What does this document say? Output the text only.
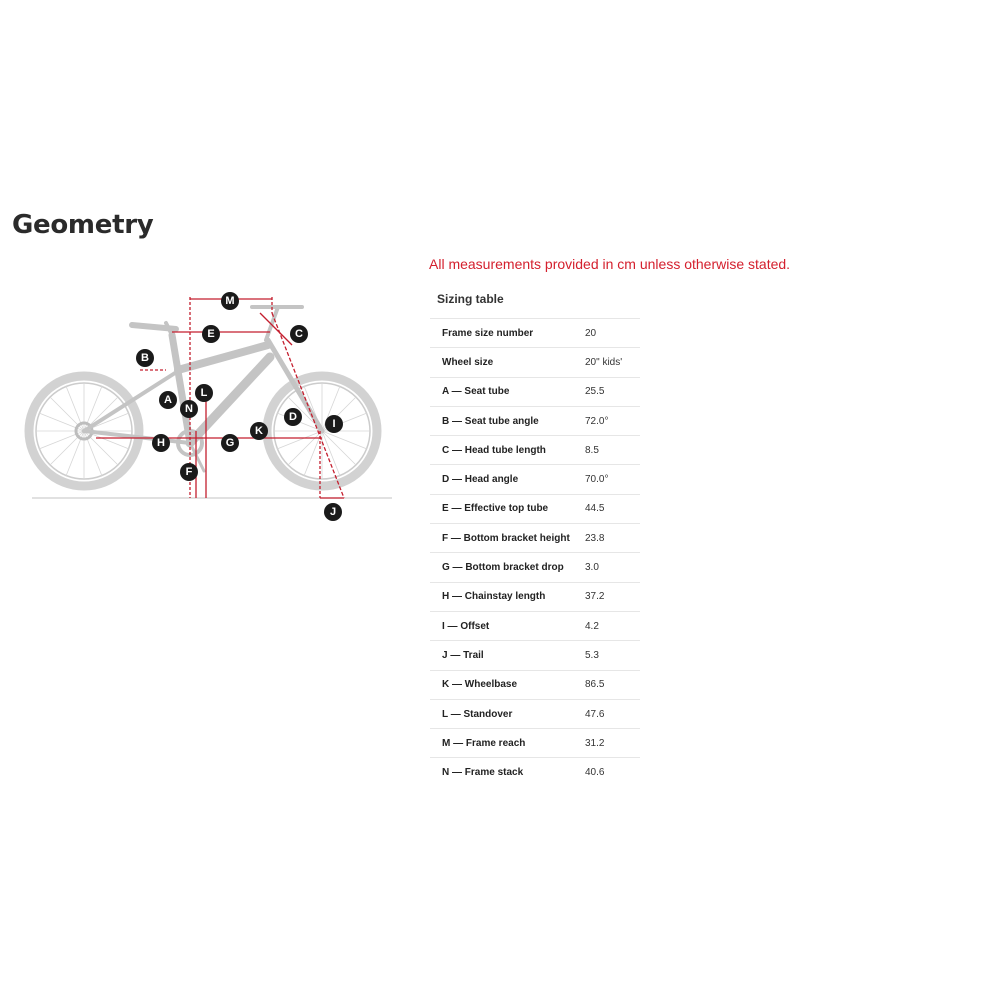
Geometry

All measurements provided in cm unless otherwise stated.

M
E	C
B
L
A
N
D
I
K
H	G
F
J

Sizing table

Frame size number	20
Wheel size	20" kids'
A — Seat tube	25.5
B — Seat tube angle	72.0°
C — Head tube length	8.5
D — Head angle	70.0°
E — Effective top tube	44.5
F — Bottom bracket height	23.8
G — Bottom bracket drop	3.0
H — Chainstay length	37.2
I — Offset	4.2
J — Trail	5.3
K — Wheelbase	86.5
L — Standover	47.6
M — Frame reach	31.2
N — Frame stack	40.6
